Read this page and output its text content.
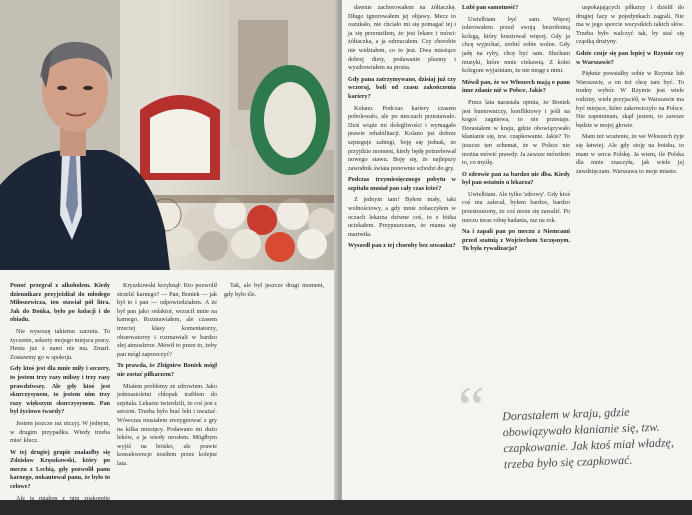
Ponoć przegrał z alkoholem. Kiedy dziennikarz przyjeżdżał do młodego Miłoszewicza, ten stawiał pół litra. Jak do Bońka, było po kolacji i do obiadu.

Nie wysoszę takiemu zarzutu. To życzenie, sekrety mojego miejsca pracy. Henia już z nami nie ma. Zmarł. Zostawmy go w spokoju.

Gdy ktoś jest dla mnie miły i szczery, to jestem trzy razy milszy i trzy razy prawdziwszy. Ale gdy ktoś jest skurczysynem, to jestem nim trzy razy większym skurczysynem. Pan był życiowo twardy?

Jestem jeszcze raz niczyj. W jednym, w drugim przypadku. Wtedy trzeba mieć klucz.

W tej drugiej grupie znalazłby się Zdzisław Kręszkowski, który po meczu z Lechią, gdy pozwolił panu karnego, nokautował panu, że było to celowe?

Ale ja miałem z nim znakomite stosunki. Na tym polegał konsulat.

Kryszkowski krzyknął: Kto pozwolił strzelić karnego? — Pan, Boniek — jak był to i pan — odpowiedziałem. A że był pan jako redaktor, wrzucił mnie na karnego. Rozmawiałem, ale czasem trzeciej klasy komentatorzy, obserwatorzy i rozmawiali w bardzo złej atmosferze. Mówił to przez to, żeby pan mógł zaprzeczyć?

To prawda, że Zbigniew Boniek mógł nie zostać piłkarzem?

Miałem problemy ze zdrowiem. Jako jedenastoletni chłopak trafiłem do szpitala. Lekarze twierdzili, że coś jest z sercem. Trzeba było brać leki i uważać. Wówczas musiałem zrezygnować z gry na kilka miesięcy. Podawano mi dużo leków, a ja wtedy urosłem. Mógłbym wyjść na boisko, ale prawie konsekwencje nosiłem przez kolejne lata.

Tak, ale był jeszcze drugi moment, gdy było źle.

dawnie zachorowałem na żółtaczkę. Długo ignorowałem jej objawy. Mecz to oszukało, nie chciało mi się pomagać tej i ja się przeraziłem, że jest lekarz i mówi: żółtaczka, a ja odrzucałem. Czy chorobie nie widziałem, co to jest. Dwa miesiące dobrej diety, podawanie plazmy i wyzdrowiałem na prosta.

Gdy pana zatrzymywano, dzisiaj już czy wczoraj, boli od czasu zakończenia kariery?

Kolano. Podczas kariery czasem pobolewało, ale po meczach przestawało. Dziś wiąże mi dolegliwości i wymagało prawie rehabilitacji. Kolano już dobrze szpieguje zabiegi, boję się jednak, że przyjdzie moment, kiedy będę potrzebował nowego stawu. Boję się, że najlepszy zawodnik świata ponownie schodzi do gry.

Podczas trzymiesięcznego pobytu w szpitalu musiał pan cały czas leżeć?

Z jednym tam! Byłem mały, taki wolnościowy, a gdy mnie zobaczyłem w oczach lekarza dziwne coś, to z łóżka uciekałem. Przypuszczam, że mama się martwiła.

Wyszedł pan z tej choroby bez szwanku?

Lubi pan samotność?

Uwielbiam być sam. Więcej tolerowałem przed swoją bezrobotną kolegą, który kosztował więcej. Gdy ja chcę wyjechać, zrobić sobie wolne. Gdy jadę na ryby, chcę być sam. Słucham muzyki, które mnie ciekawią. Z kolei kolegom wyjaśniam, że nie mogę z nimi.

Mówił pan, że we Włoszech mają o panu inne zdanie niż w Polsce. Jakie?

Przez lata narastała opinia, że Boniek jest buntowniczy, konfliktowy i jeśli na kogoś zagniewa, to nie przestaje. Dorastałem w kraju, gdzie obowiązywało kłanianie się, tzw. czapkowanie. Jakie? To jeszcze ten schemat, że w Polsce nie można mówić prawdy. Ja zawsze mówiłem to, co myślę.

O zdrowie pan za bardzo nie dba. Kiedy był pan ostatnio u lekarza?

Uwielbiam. Ale tylko 'zdrowy'. Gdy ktoś coś mu zalecał, byłem bardzo, bardzo przestraszony, że coś może się zawalić. Po meczu teraz robię badania, raz na rok.

Na i zapali pan po meczu z Niemcami przed szatnią z Wojciechem Szczęsnym. Tu była rywalizacja?

uspokajających piłkarzy i dzielił do drugiej fazy w pojedynkach zagrali. Nie ma w jego sporcie wszystkich takich słów. Trzeba było walczyć tak, by stać się cząstką drużyny.

Gdzie czuje się pan lepiej w Rzymie czy w Warszawie?

Pięknie powstałby sobie w Rzymie lub Warszawie, a on też chcę tam być. To trudny wybór. W Rzymie jest wiele rodziny, wiele przyjaciół, w Warszawie ma być miejsce, które zakotwiczyło na Polsce. Nie zapominam, skąd jestem, to zawsze będzie w mojej głowie.

Mam też wrażenie, że we Włoszech żyje się łatwiej. Ale gdy stoję na boisku, to mam w sercu Polskę. Ja wiem, ile Polska dla mnie znaczyła, jak wiele jej zawdzięczam. Warszawa to moje miasto.

“ Dorastałem w kraju, gdzie obowiązywało kłanianie się, tzw. czapkowanie. Jak ktoś miał władzę, trzeba było się czapkować.
